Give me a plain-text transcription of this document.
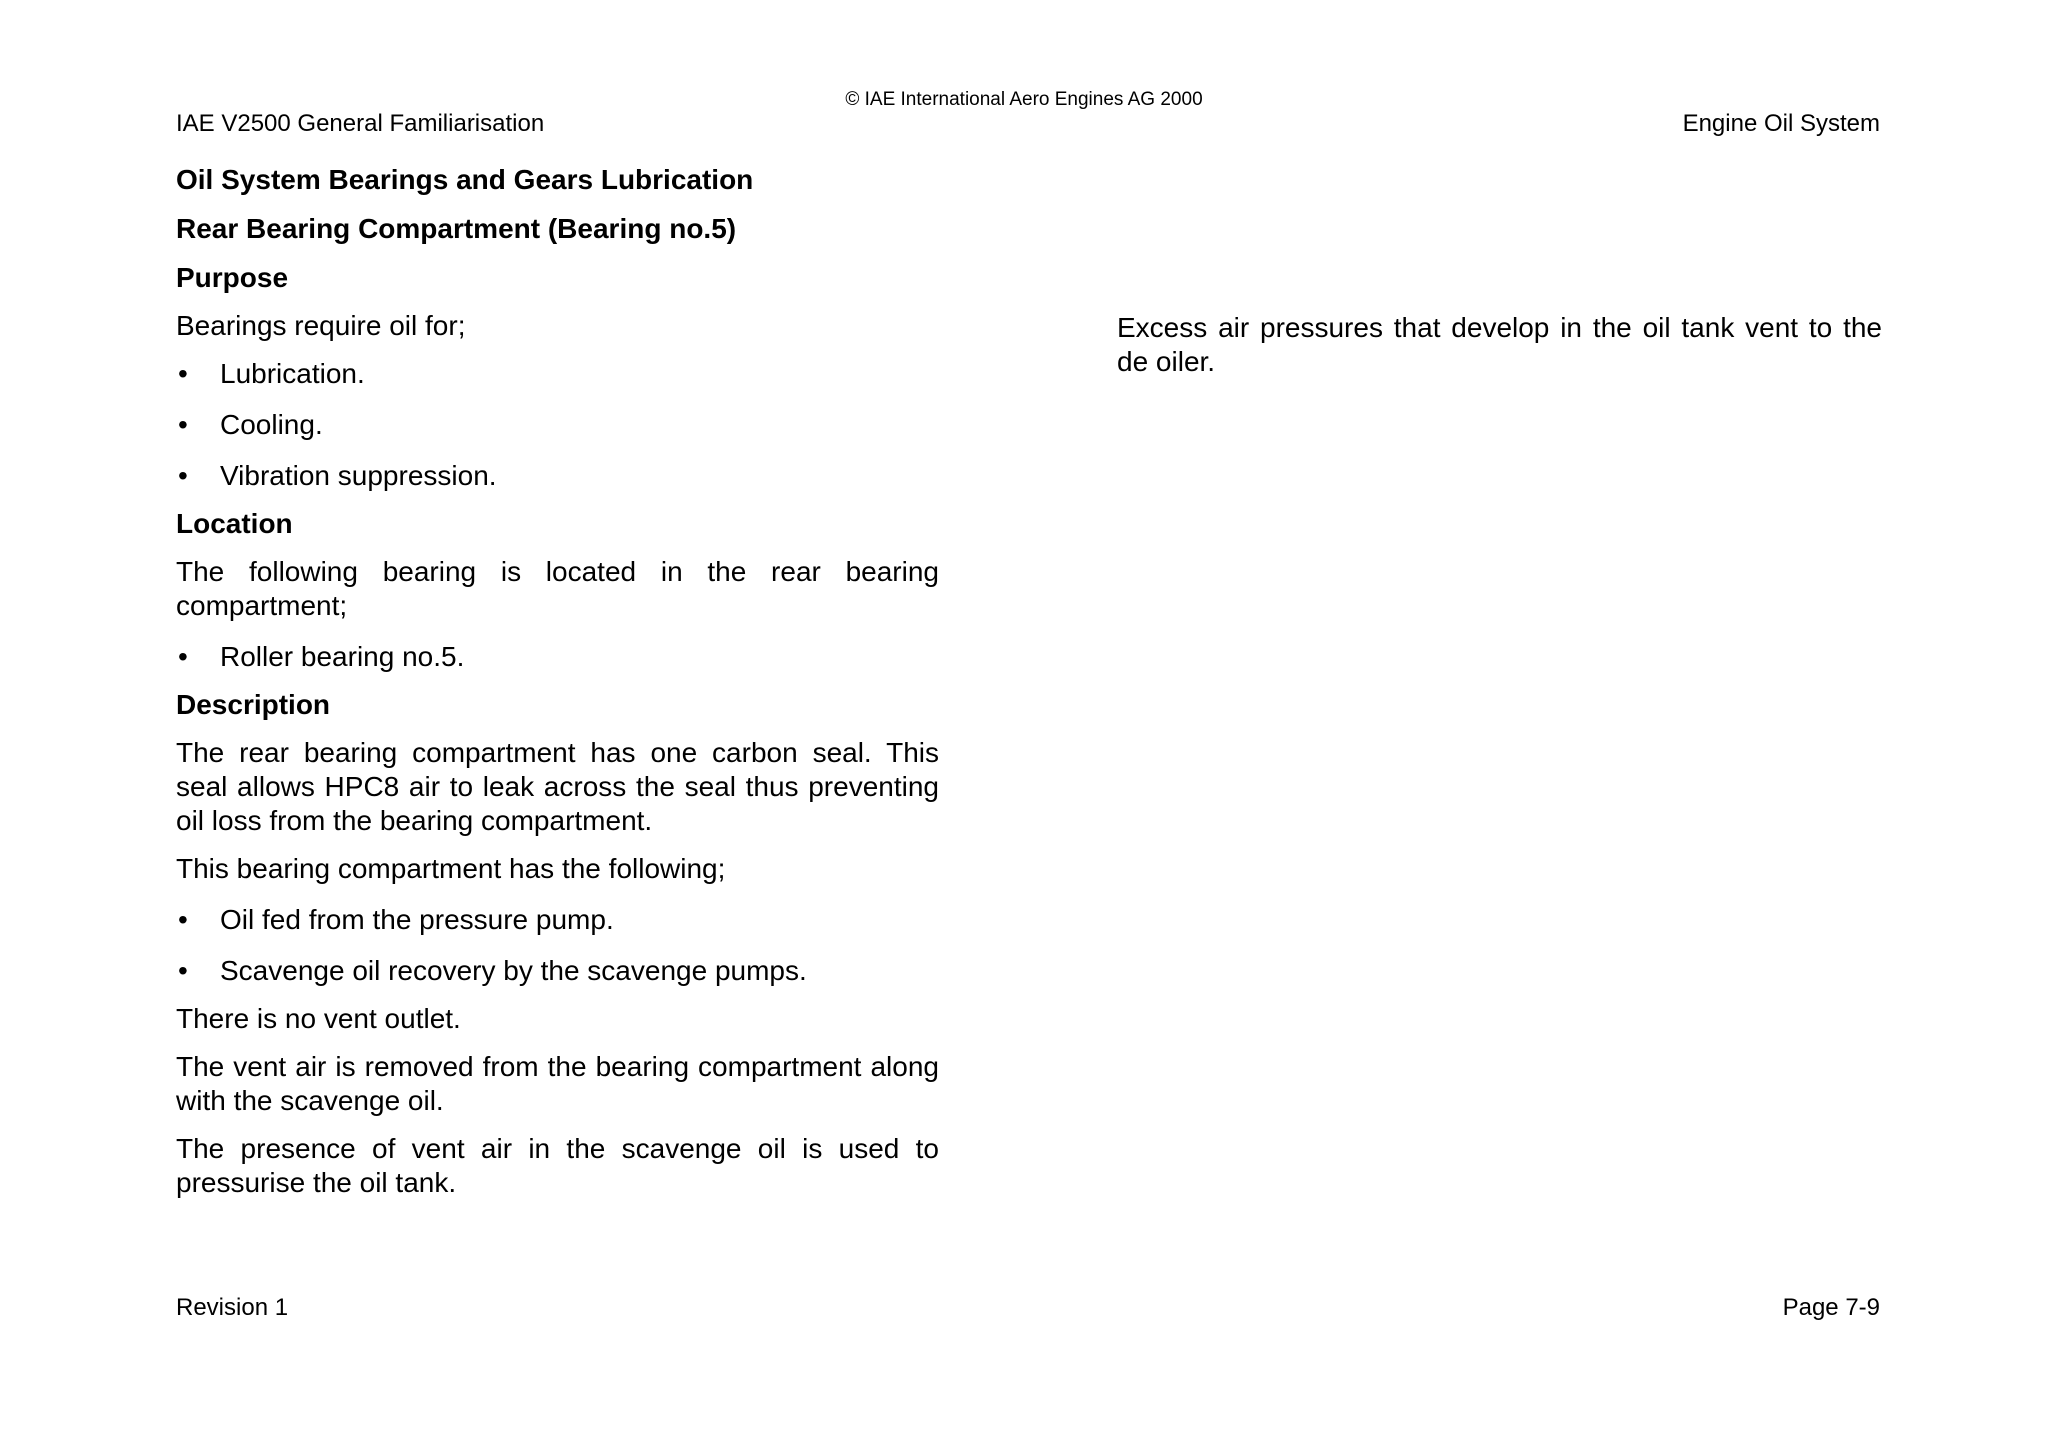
© IAE International Aero Engines AG 2000
IAE V2500 General Familiarisation	Engine Oil System
Oil System Bearings and Gears Lubrication
Rear Bearing Compartment (Bearing no.5)
Purpose

Bearings require oil for;

• Lubrication.
• Cooling.
• Vibration suppression.
Location

The following bearing is located in the rear bearing compartment;

• Roller bearing no.5.
Description

The rear bearing compartment has one carbon seal. This seal allows HPC8 air to leak across the seal thus preventing oil loss from the bearing compartment.

This bearing compartment has the following;

• Oil fed from the pressure pump.
• Scavenge oil recovery by the scavenge pumps.

There is no vent outlet.

The vent air is removed from the bearing compartment along with the scavenge oil.

The presence of vent air in the scavenge oil is used to pressurise the oil tank.

Excess air pressures that develop in the oil tank vent to the de oiler.

Revision 1	Page 7-9
